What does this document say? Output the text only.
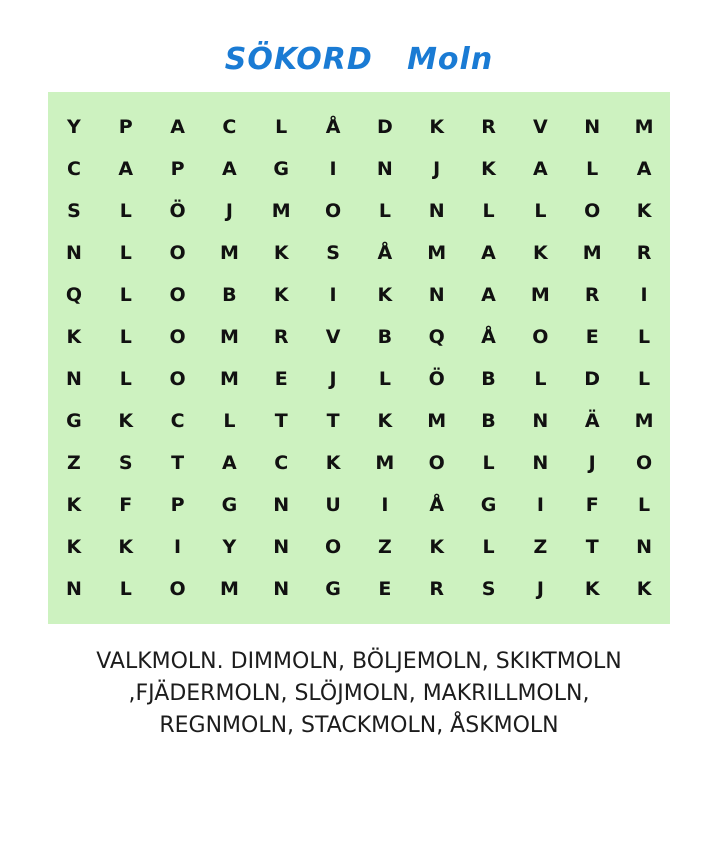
SÖKORD   Moln
Y	P	A	C	L	Å	D	K	R	V	N	M
C	A	P	A	G	I	N	J	K	A	L	A
S	L	Ö	J	M	O	L	N	L	L	O	K
N	L	O	M	K	S	Å	M	A	K	M	R
Q	L	O	B	K	I	K	N	A	M	R	I
K	L	O	M	R	V	B	Q	Å	O	E	L
N	L	O	M	E	J	L	Ö	B	L	D	L
G	K	C	L	T	T	K	M	B	N	Ä	M
Z	S	T	A	C	K	M	O	L	N	J	O
K	F	P	G	N	U	I	Å	G	I	F	L
K	K	I	Y	N	O	Z	K	L	Z	T	N
N	L	O	M	N	G	E	R	S	J	K	K
VALKMOLN. DIMMOLN, BÖLJEMOLN, SKIKTMOLN
,FJÄDERMOLN, SLÖJMOLN, MAKRILLMOLN,
REGNMOLN, STACKMOLN, ÅSKMOLN
